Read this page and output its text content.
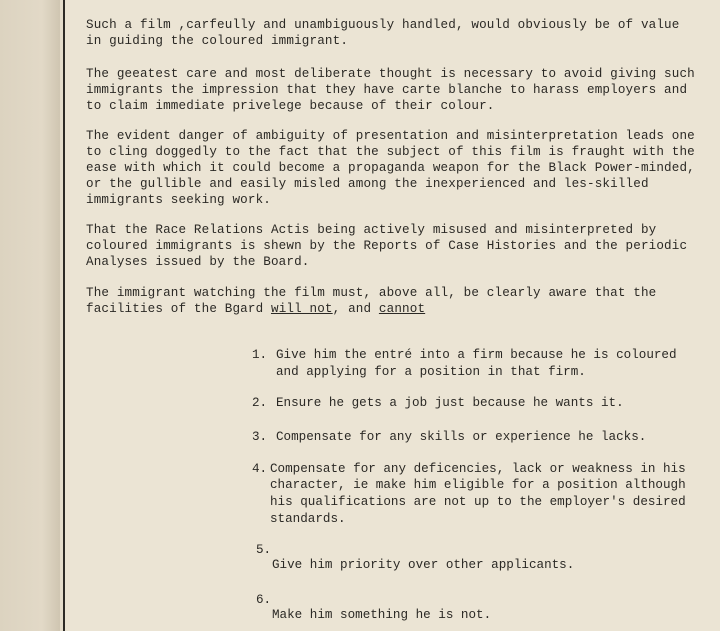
Such a film ,carfeully and unambiguously handled, would obviously be of value

in guiding the coloured immigrant.

The geeatest care and most deliberate thought is necessary to avoid giving such

immigrants the impression that they have carte blanche to harass employers and

to claim immediate privelege because of their colour.

The evident danger of ambiguity of presentation and misinterpretation leads one

to cling doggedly to the fact that the subject of this film is fraught with the

ease with which it could become a propaganda weapon for the Black Power-minded,

or the gullible and easily misled among the inexperienced and les-skilled

immigrants seeking work.

That the Race Relations Actis being actively misused and misinterpreted by

coloured immigrants is shewn by the Reports of Case Histories and the periodic

Analyses issued by the Board.

The immigrant watching the film must, above all, be clearly aware that the

facilities of the Bgard will not, and cannot

1.

Give him the entré into a firm because he is coloured

and applying for a position in that firm.

2.

Ensure he gets a job just because he wants it.

3.

Compensate for any skills or experience he lacks.

4.

Compensate for any deficencies, lack or weakness in his

character, ie make him eligible for a position although

his qualifications are not up to the employer's desired

standards.

5.

Give him priority over other applicants.

6.

Make him something he is not.
